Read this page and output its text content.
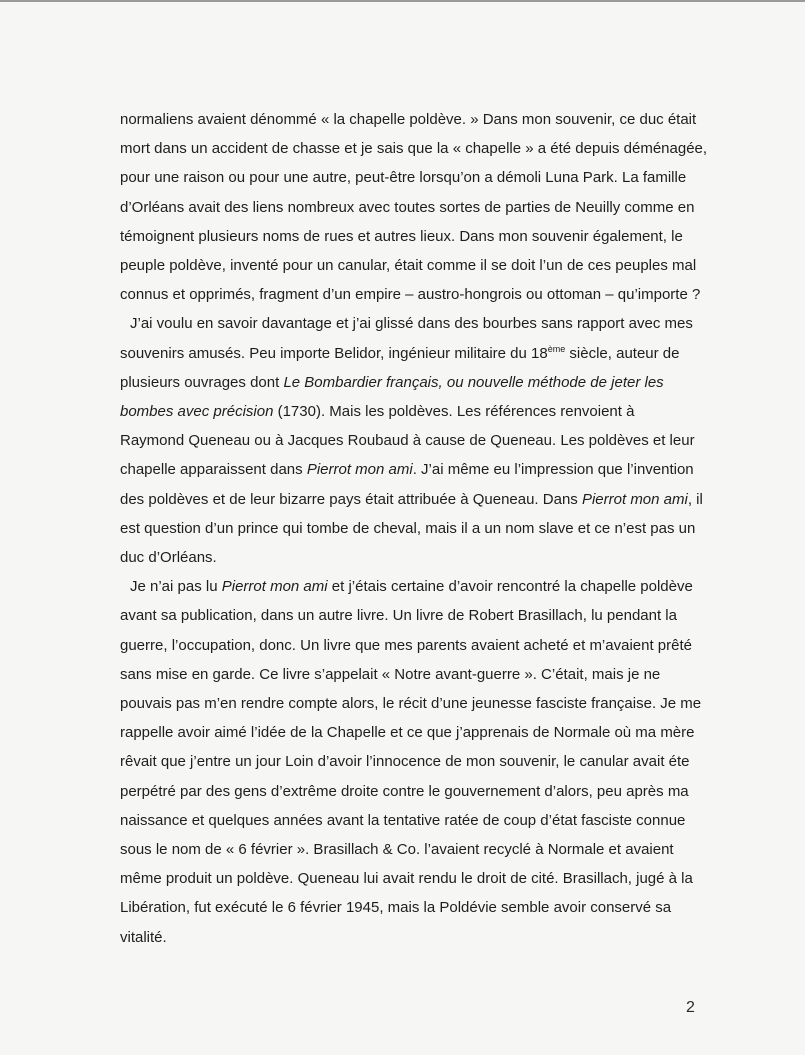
normaliens avaient dénommé « la chapelle poldève. » Dans mon souvenir, ce duc était

mort dans un accident de chasse et je sais que la « chapelle » a été depuis déménagée,

pour une raison ou pour une autre, peut-être lorsqu’on a démoli Luna Park. La famille

d’Orléans avait des liens nombreux avec toutes sortes de parties de Neuilly comme en

témoignent plusieurs noms de rues et autres lieux. Dans mon souvenir également, le

peuple poldève, inventé pour un canular, était comme il se doit l’un de ces peuples mal

connus et opprimés, fragment d’un empire – austro-hongrois ou ottoman – qu’importe ?

J’ai voulu en savoir davantage et j’ai glissé dans des bourbes sans rapport avec mes

souvenirs amusés. Peu importe Belidor, ingénieur militaire du 18ème siècle, auteur de

plusieurs ouvrages dont Le Bombardier français, ou nouvelle méthode de jeter les

bombes avec précision (1730). Mais les poldèves. Les références renvoient à

Raymond Queneau ou à Jacques Roubaud à cause de Queneau. Les poldèves et leur

chapelle apparaissent dans Pierrot mon ami. J’ai même eu l’impression que l’invention

des poldèves et de leur bizarre pays était attribuée à Queneau. Dans Pierrot mon ami, il

est question d’un prince qui tombe de cheval, mais il a un nom slave et ce n’est pas un

duc d’Orléans.

Je n’ai pas lu Pierrot mon ami et j’étais certaine d’avoir rencontré la chapelle poldève

avant sa publication, dans un autre livre. Un livre de Robert Brasillach, lu pendant la

guerre, l’occupation, donc. Un livre que mes parents avaient acheté et m’avaient prêté

sans mise en garde. Ce livre s’appelait « Notre avant-guerre ». C’était, mais je ne

pouvais pas m’en rendre compte alors, le récit d’une jeunesse fasciste française. Je me

rappelle avoir aimé l’idée de la Chapelle et ce que j’apprenais de Normale où ma mère

rêvait que j’entre un jour Loin d’avoir l’innocence de mon souvenir, le canular avait éte

perpétré par des gens d’extrême droite contre le gouvernement d’alors, peu après ma

naissance et quelques années avant la tentative ratée de coup d’état fasciste connue

sous le nom de « 6 février ». Brasillach & Co. l’avaient recyclé à Normale et avaient

même produit un poldève. Queneau lui avait rendu le droit de cité. Brasillach, jugé à la

Libération, fut exécuté le 6 février 1945, mais la Poldévie semble avoir conservé sa

vitalité.

2
